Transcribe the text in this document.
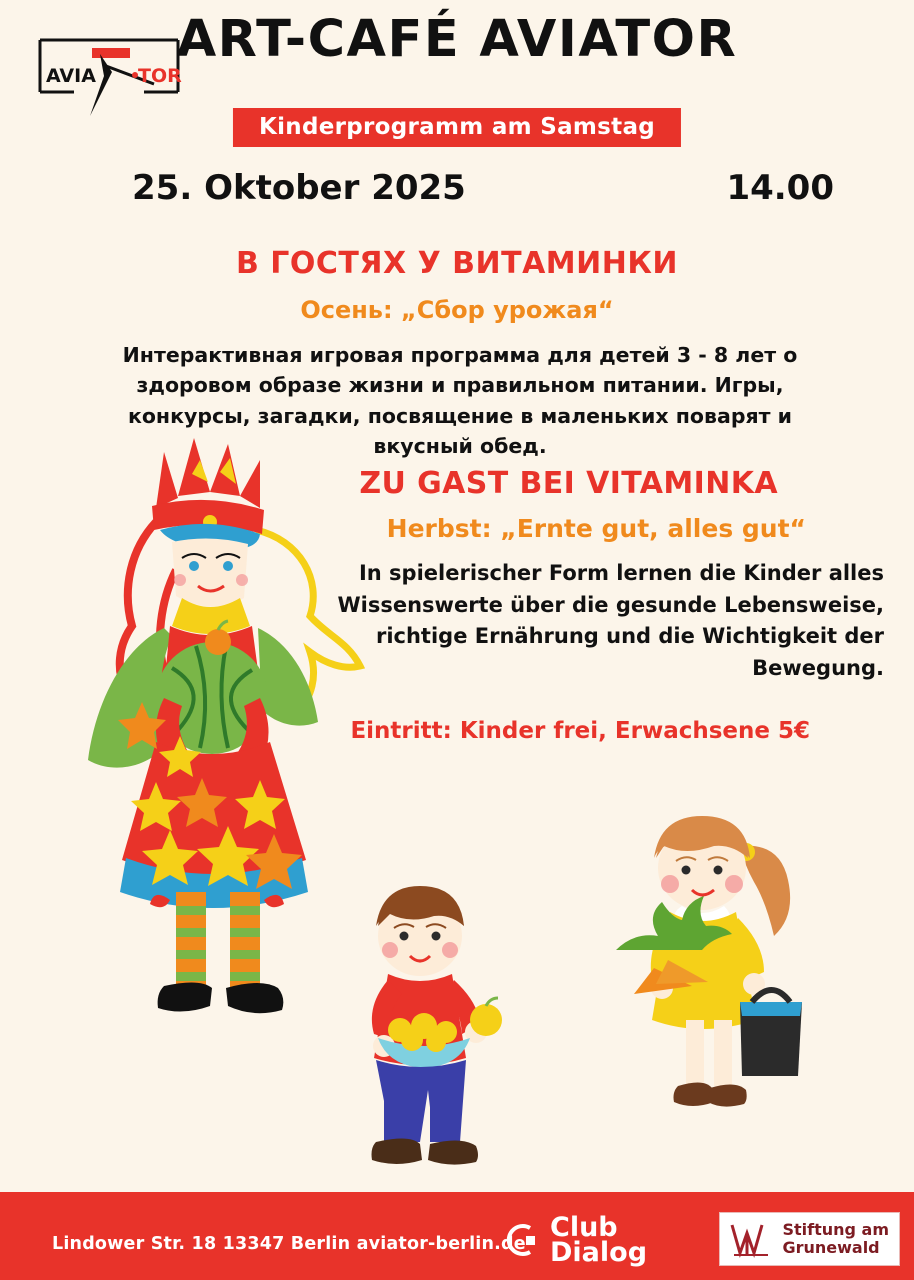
AVIA TOR
ART-CAFÉ AVIATOR
Kinderprogramm am Samstag
25. Oktober 2025	14.00
В ГОСТЯХ У ВИТАМИНКИ
Осень: „Сбор урожая“
Интерактивная игровая программа для детей 3 - 8 лет о здоровом образе жизни и правильном питании. Игры, конкурсы, загадки, посвящение в маленьких поварят и вкусный обед.
ZU GAST BEI VITAMINKA
Herbst: „Ernte gut, alles gut“
In spielerischer Form lernen die Kinder alles Wissenswerte über die gesunde Lebensweise, richtige Ernährung und die Wichtigkeit der Bewegung.
Eintritt: Kinder frei, Erwachsene 5€
Lindower Str. 18 13347 Berlin aviator-berlin.de
Club
Dialog
Stiftung am
Grunewald
